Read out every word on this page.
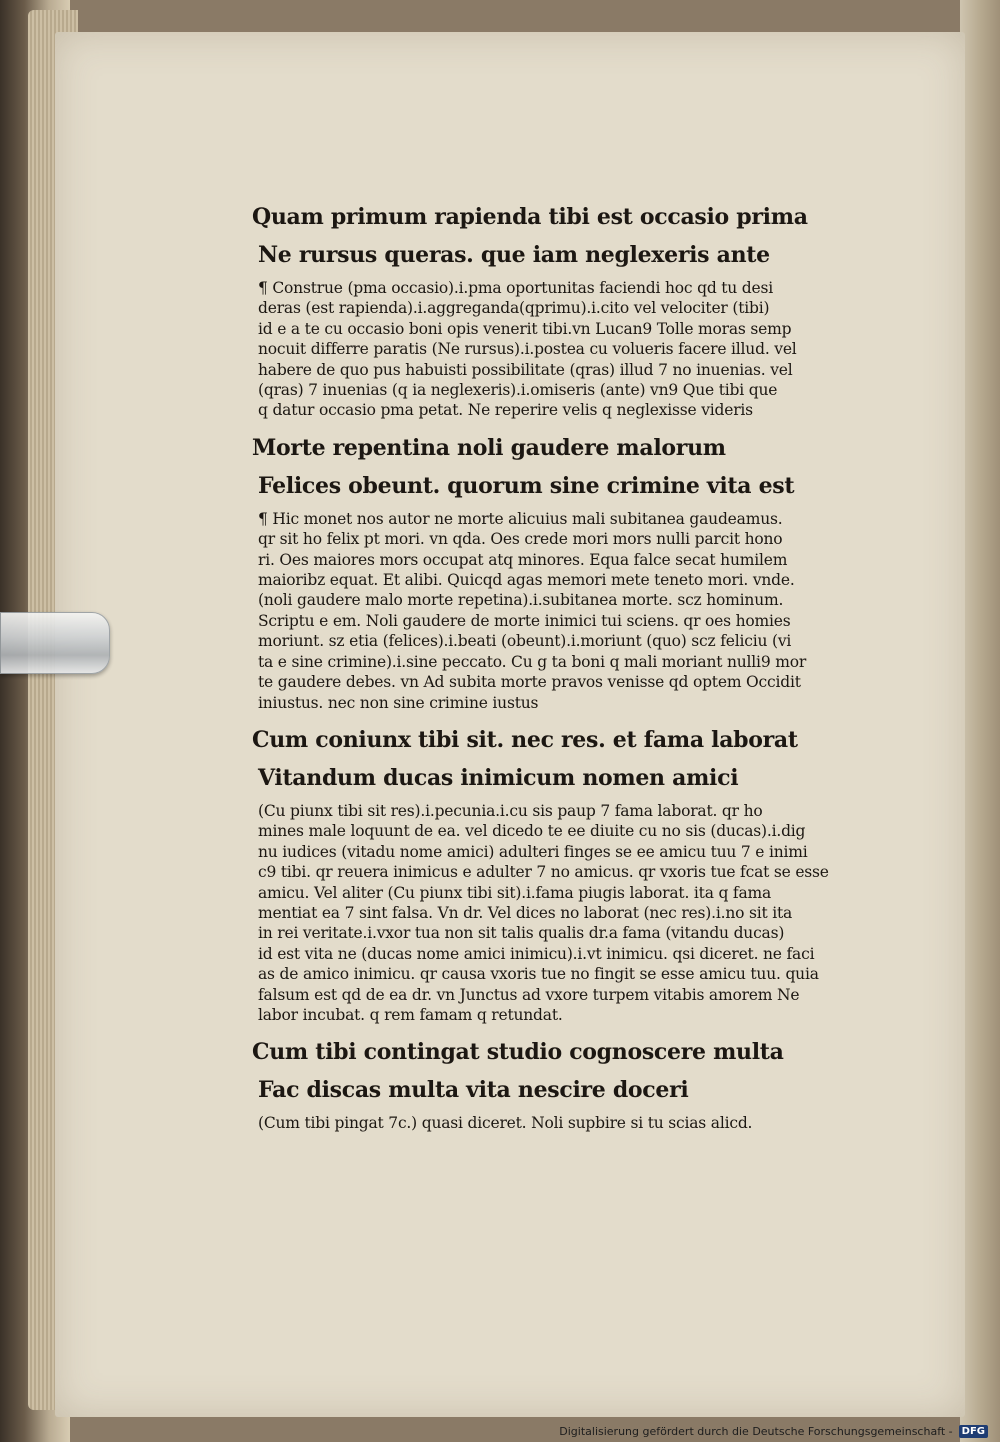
Quam primum rapienda tibi est occasio prima

Ne rursus queras. que iam neglexeris ante

¶ Construe (pma occasio).i.pma oportunitas faciendi hoc qd tu desi
deras (est rapienda).i.aggreganda(qprimu).i.cito vel velociter (tibi)
id e a te cu occasio boni opis venerit tibi.vn Lucan9 Tolle moras semp
nocuit differre paratis (Ne rursus).i.postea cu volueris facere illud. vel
habere de quo pus habuisti possibilitate (qras) illud 7 no inuenias. vel
(qras) 7 inuenias (q ia neglexeris).i.omiseris (ante) vn9 Que tibi que
q datur occasio pma petat. Ne reperire velis q neglexisse videris

Morte repentina noli gaudere malorum

Felices obeunt. quorum sine crimine vita est

¶ Hic monet nos autor ne morte alicuius mali subitanea gaudeamus.
qr sit ho felix pt mori. vn qda. Oes crede mori mors nulli parcit hono
ri. Oes maiores mors occupat atq minores. Equa falce secat humilem
maioribz equat. Et alibi. Quicqd agas memori mete teneto mori. vnde.
(noli gaudere malo morte repetina).i.subitanea morte. scz hominum.
Scriptu e em. Noli gaudere de morte inimici tui sciens. qr oes homies
moriunt. sz etia (felices).i.beati (obeunt).i.moriunt (quo) scz feliciu (vi
ta e sine crimine).i.sine peccato. Cu g ta boni q mali moriant nulli9 mor
te gaudere debes. vn Ad subita morte pravos venisse qd optem Occidit
iniustus. nec non sine crimine iustus

Cum coniunx tibi sit. nec res. et fama laborat

Vitandum ducas inimicum nomen amici

(Cu piunx tibi sit res).i.pecunia.i.cu sis paup 7 fama laborat. qr ho
mines male loquunt de ea. vel dicedo te ee diuite cu no sis (ducas).i.dig
nu iudices (vitadu nome amici) adulteri finges se ee amicu tuu 7 e inimi
c9 tibi. qr reuera inimicus e adulter 7 no amicus. qr vxoris tue fcat se esse
amicu. Vel aliter (Cu piunx tibi sit).i.fama piugis laborat. ita q fama
mentiat ea 7 sint falsa. Vn dr. Vel dices no laborat (nec res).i.no sit ita
in rei veritate.i.vxor tua non sit talis qualis dr.a fama (vitandu ducas)
id est vita ne (ducas nome amici inimicu).i.vt inimicu. qsi diceret. ne faci
as de amico inimicu. qr causa vxoris tue no fingit se esse amicu tuu. quia
falsum est qd de ea dr. vn Junctus ad vxore turpem vitabis amorem Ne
labor incubat. q rem famam q retundat.

Cum tibi contingat studio cognoscere multa

Fac discas multa vita nescire doceri

(Cum tibi pingat 7c.) quasi diceret. Noli supbire si tu scias alicd.
Digitalisierung gefördert durch die Deutsche Forschungsgemeinschaft - DFG
